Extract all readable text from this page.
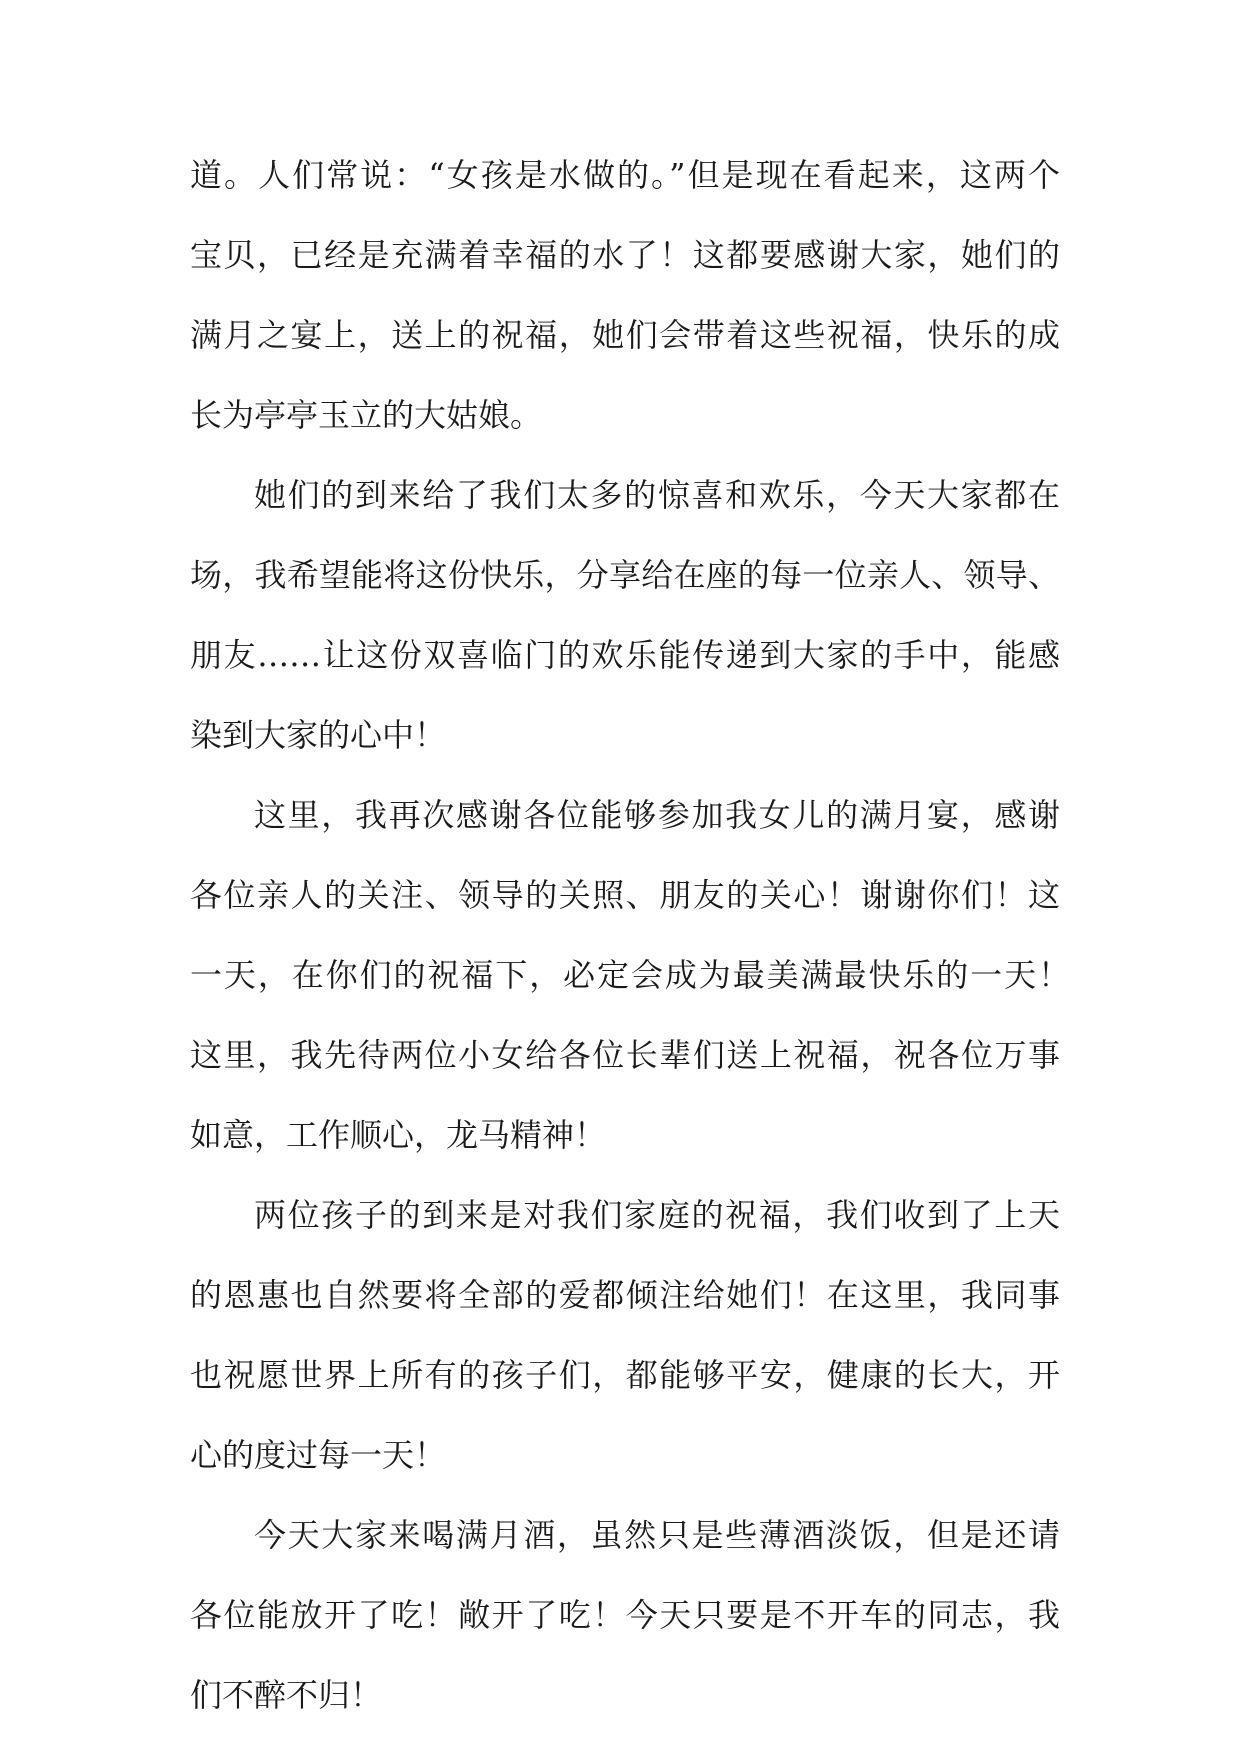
道。人们常说：“女孩是水做的。”但是现在看起来，这两个
宝贝，已经是充满着幸福的水了！这都要感谢大家，她们的
满月之宴上，送上的祝福，她们会带着这些祝福，快乐的成
长为亭亭玉立的大姑娘。
她们的到来给了我们太多的惊喜和欢乐，今天大家都在
场，我希望能将这份快乐，分享给在座的每一位亲人、领导、
朋友……让这份双喜临门的欢乐能传递到大家的手中，能感
染到大家的心中！
这里，我再次感谢各位能够参加我女儿的满月宴，感谢
各位亲人的关注、领导的关照、朋友的关心！谢谢你们！这
一天，在你们的祝福下，必定会成为最美满最快乐的一天！
这里，我先待两位小女给各位长辈们送上祝福，祝各位万事
如意，工作顺心，龙马精神！
两位孩子的到来是对我们家庭的祝福，我们收到了上天
的恩惠也自然要将全部的爱都倾注给她们！在这里，我同事
也祝愿世界上所有的孩子们，都能够平安，健康的长大，开
心的度过每一天！
今天大家来喝满月酒，虽然只是些薄酒淡饭，但是还请
各位能放开了吃！敞开了吃！今天只要是不开车的同志，我
们不醉不归！
